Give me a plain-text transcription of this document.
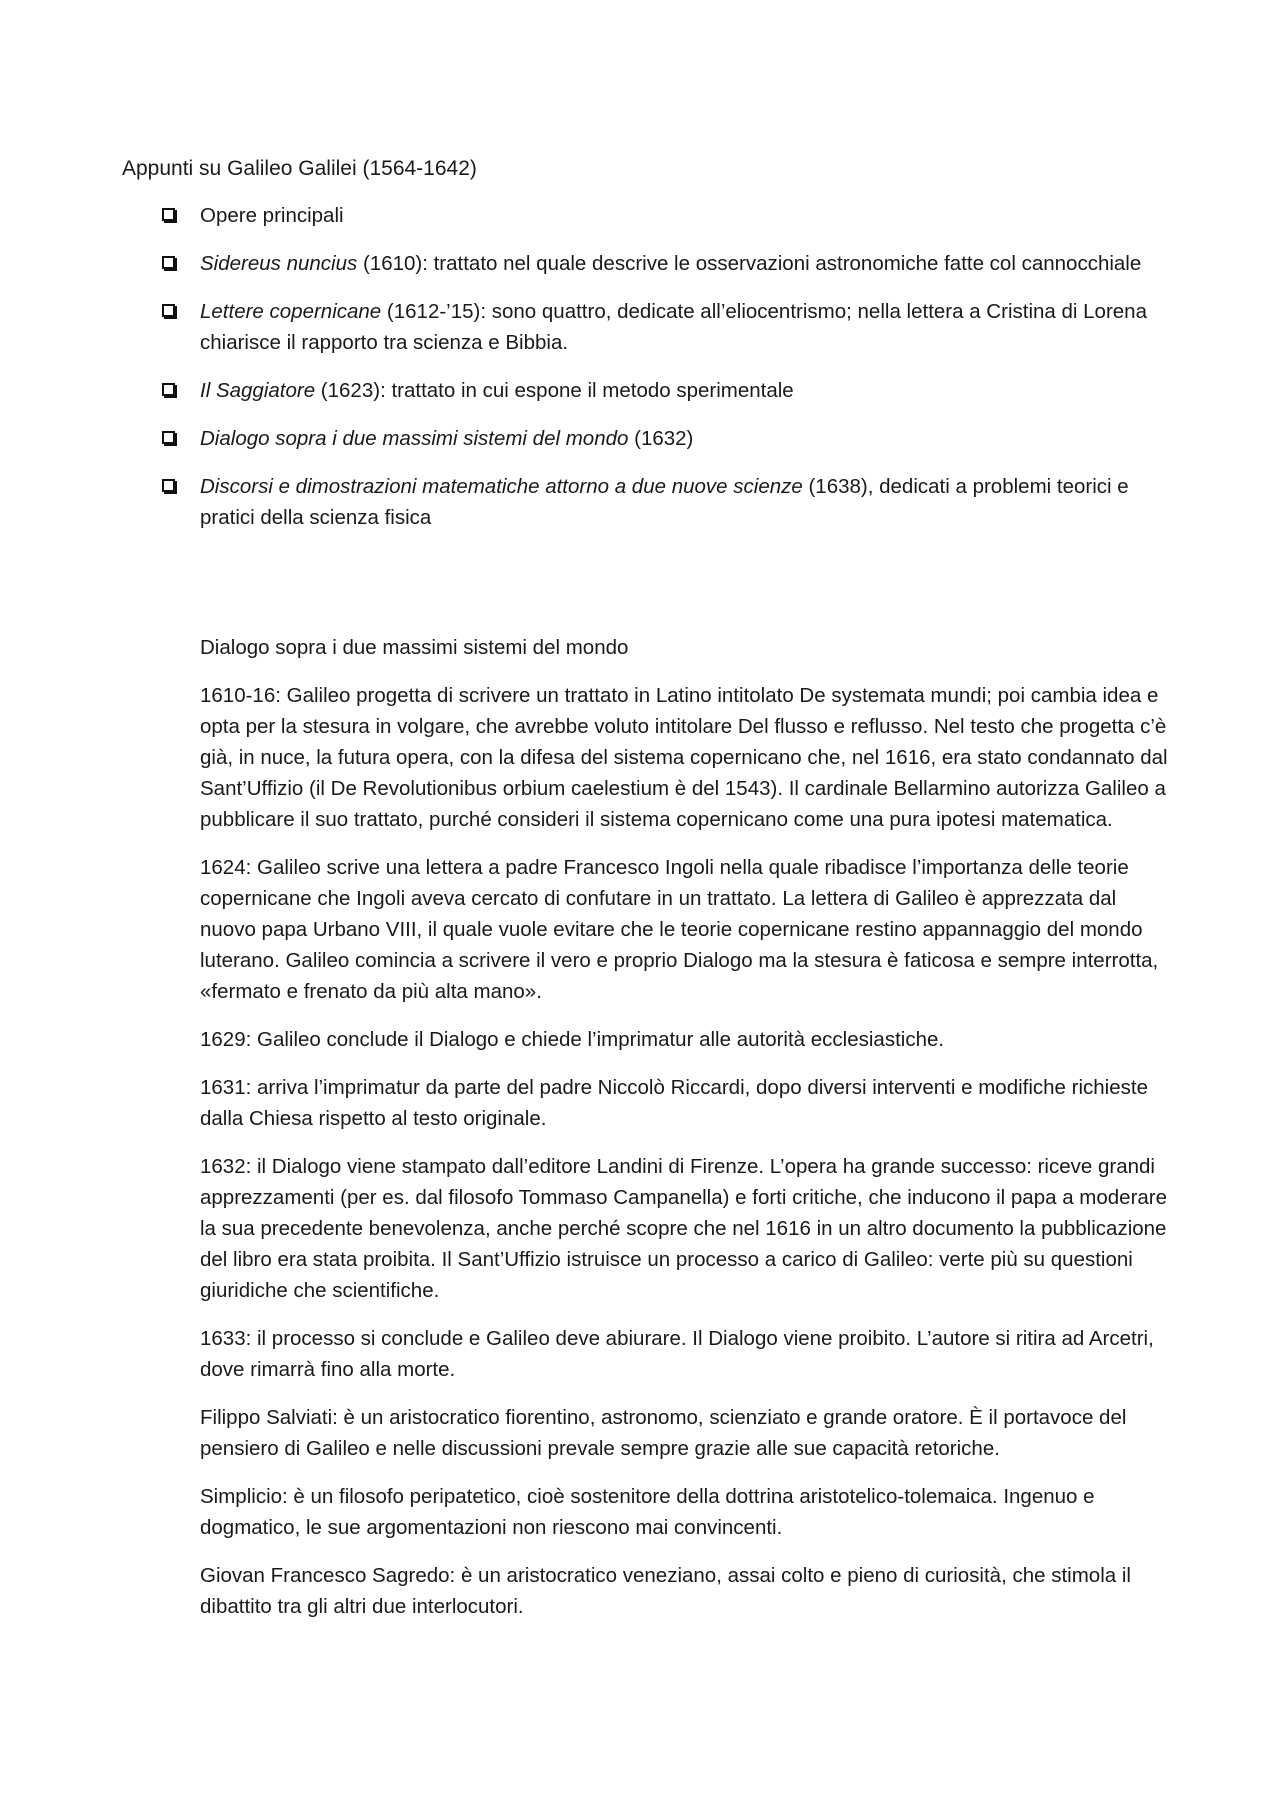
Appunti su Galileo Galilei (1564-1642)
Opere principali
Sidereus nuncius (1610): trattato nel quale descrive le osservazioni astronomiche fatte col cannocchiale
Lettere copernicane (1612-’15): sono quattro, dedicate all’eliocentrismo; nella lettera a Cristina di Lorena chiarisce il rapporto tra scienza e Bibbia.
Il Saggiatore (1623): trattato in cui espone il metodo sperimentale
Dialogo sopra i due massimi sistemi del mondo (1632)
Discorsi e dimostrazioni matematiche attorno a due nuove scienze (1638), dedicati a problemi teorici e pratici della scienza fisica

Dialogo sopra i due massimi sistemi del mondo

1610-16: Galileo progetta di scrivere un trattato in Latino intitolato De systemata mundi; poi cambia idea e opta per la stesura in volgare, che avrebbe voluto intitolare Del flusso e reflusso. Nel testo che progetta c’è già, in nuce, la futura opera, con la difesa del sistema copernicano che, nel 1616, era stato condannato dal Sant’Uffizio (il De Revolutionibus orbium caelestium è del 1543). Il cardinale Bellarmino autorizza Galileo a pubblicare il suo trattato, purché consideri il sistema copernicano come una pura ipotesi matematica.

1624: Galileo scrive una lettera a padre Francesco Ingoli nella quale ribadisce l’importanza delle teorie copernicane che Ingoli aveva cercato di confutare in un trattato. La lettera di Galileo è apprezzata dal nuovo papa Urbano VIII, il quale vuole evitare che le teorie copernicane restino appannaggio del mondo luterano. Galileo comincia a scrivere il vero e proprio Dialogo ma la stesura è faticosa e sempre interrotta, «fermato e frenato da più alta mano».

1629: Galileo conclude il Dialogo e chiede l’imprimatur alle autorità ecclesiastiche.

1631: arriva l’imprimatur da parte del padre Niccolò Riccardi, dopo diversi interventi e modifiche richieste dalla Chiesa rispetto al testo originale.

1632: il Dialogo viene stampato dall’editore Landini di Firenze. L’opera ha grande successo: riceve grandi apprezzamenti (per es. dal filosofo Tommaso Campanella) e forti critiche, che inducono il papa a moderare la sua precedente benevolenza, anche perché scopre che nel 1616 in un altro documento la pubblicazione del libro era stata proibita. Il Sant’Uffizio istruisce un processo a carico di Galileo: verte più su questioni giuridiche che scientifiche.

1633: il processo si conclude e Galileo deve abiurare. Il Dialogo viene proibito. L’autore si ritira ad Arcetri, dove rimarrà fino alla morte.

Filippo Salviati: è un aristocratico fiorentino, astronomo, scienziato e grande oratore. È il portavoce del pensiero di Galileo e nelle discussioni prevale sempre grazie alle sue capacità retoriche.

Simplicio: è un filosofo peripatetico, cioè sostenitore della dottrina aristotelico-tolemaica. Ingenuo e dogmatico, le sue argomentazioni non riescono mai convincenti.

Giovan Francesco Sagredo: è un aristocratico veneziano, assai colto e pieno di curiosità, che stimola il dibattito tra gli altri due interlocutori.
